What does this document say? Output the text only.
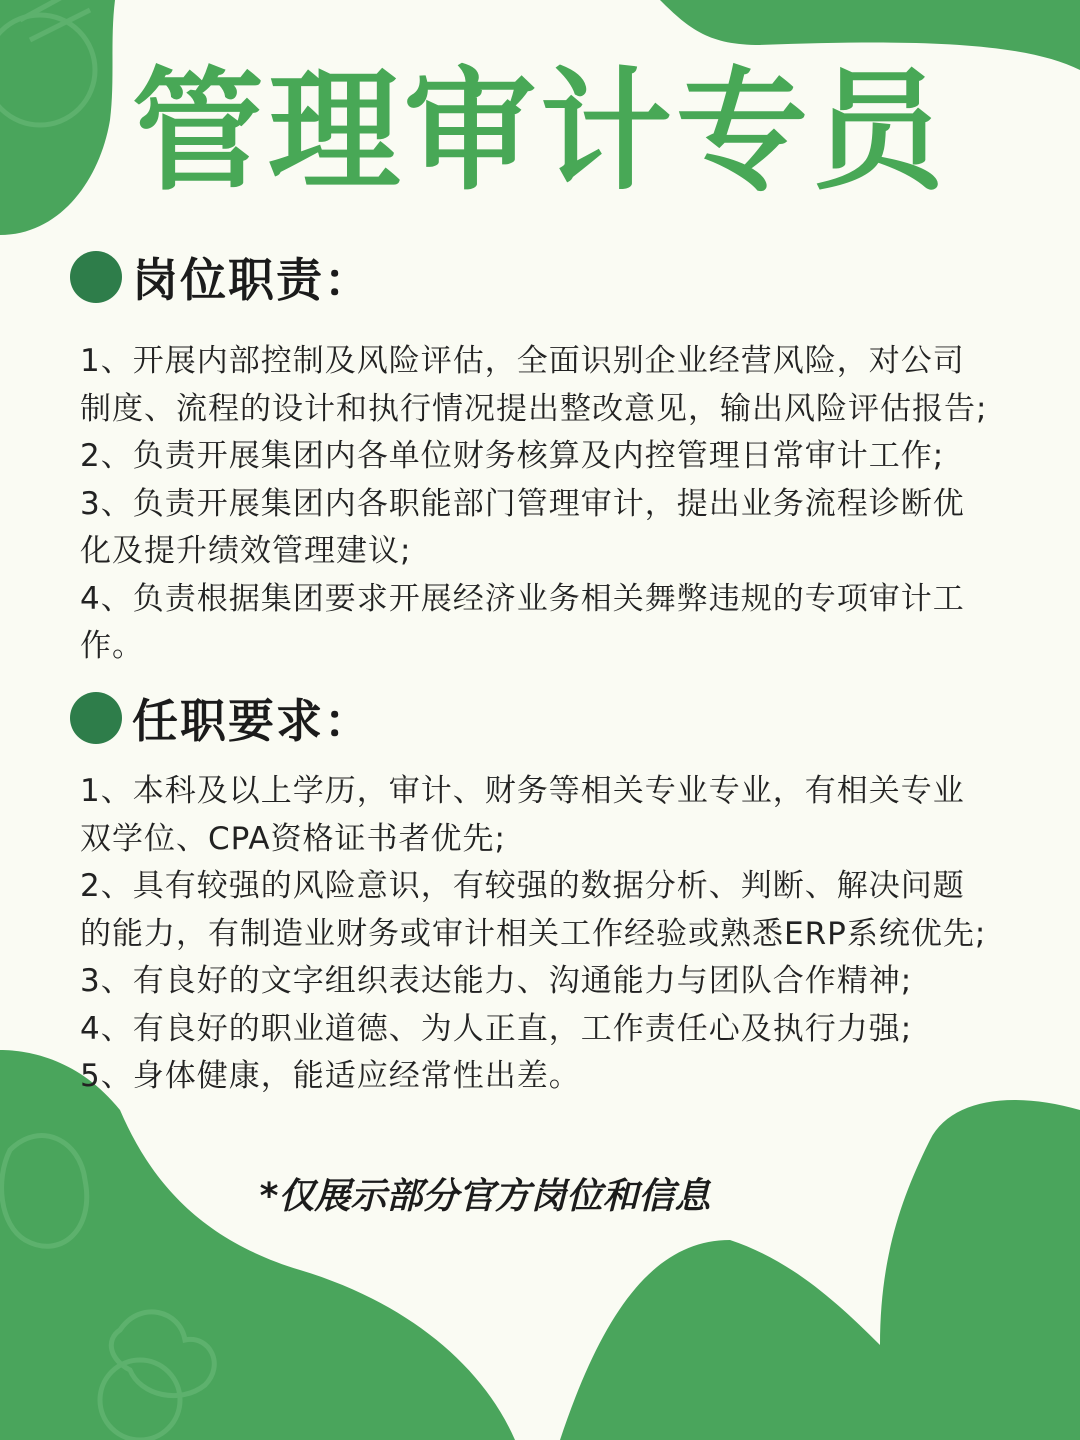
管理审计专员
岗位职责：

1、开展内部控制及风险评估，全面识别企业经营风险，对公司

制度、流程的设计和执行情况提出整改意见，输出风险评估报告;

2、负责开展集团内各单位财务核算及内控管理日常审计工作;

3、负责开展集团内各职能部门管理审计，提出业务流程诊断优

化及提升绩效管理建议;

4、负责根据集团要求开展经济业务相关舞弊违规的专项审计工

作。

任职要求：

1、本科及以上学历，审计、财务等相关专业专业，有相关专业

双学位、CPA资格证书者优先;

2、具有较强的风险意识，有较强的数据分析、判断、解决问题

的能力，有制造业财务或审计相关工作经验或熟悉ERP系统优先;

3、有良好的文字组织表达能力、沟通能力与团队合作精神;

4、有良好的职业道德、为人正直，工作责任心及执行力强;

5、身体健康，能适应经常性出差。

*仅展示部分官方岗位和信息
